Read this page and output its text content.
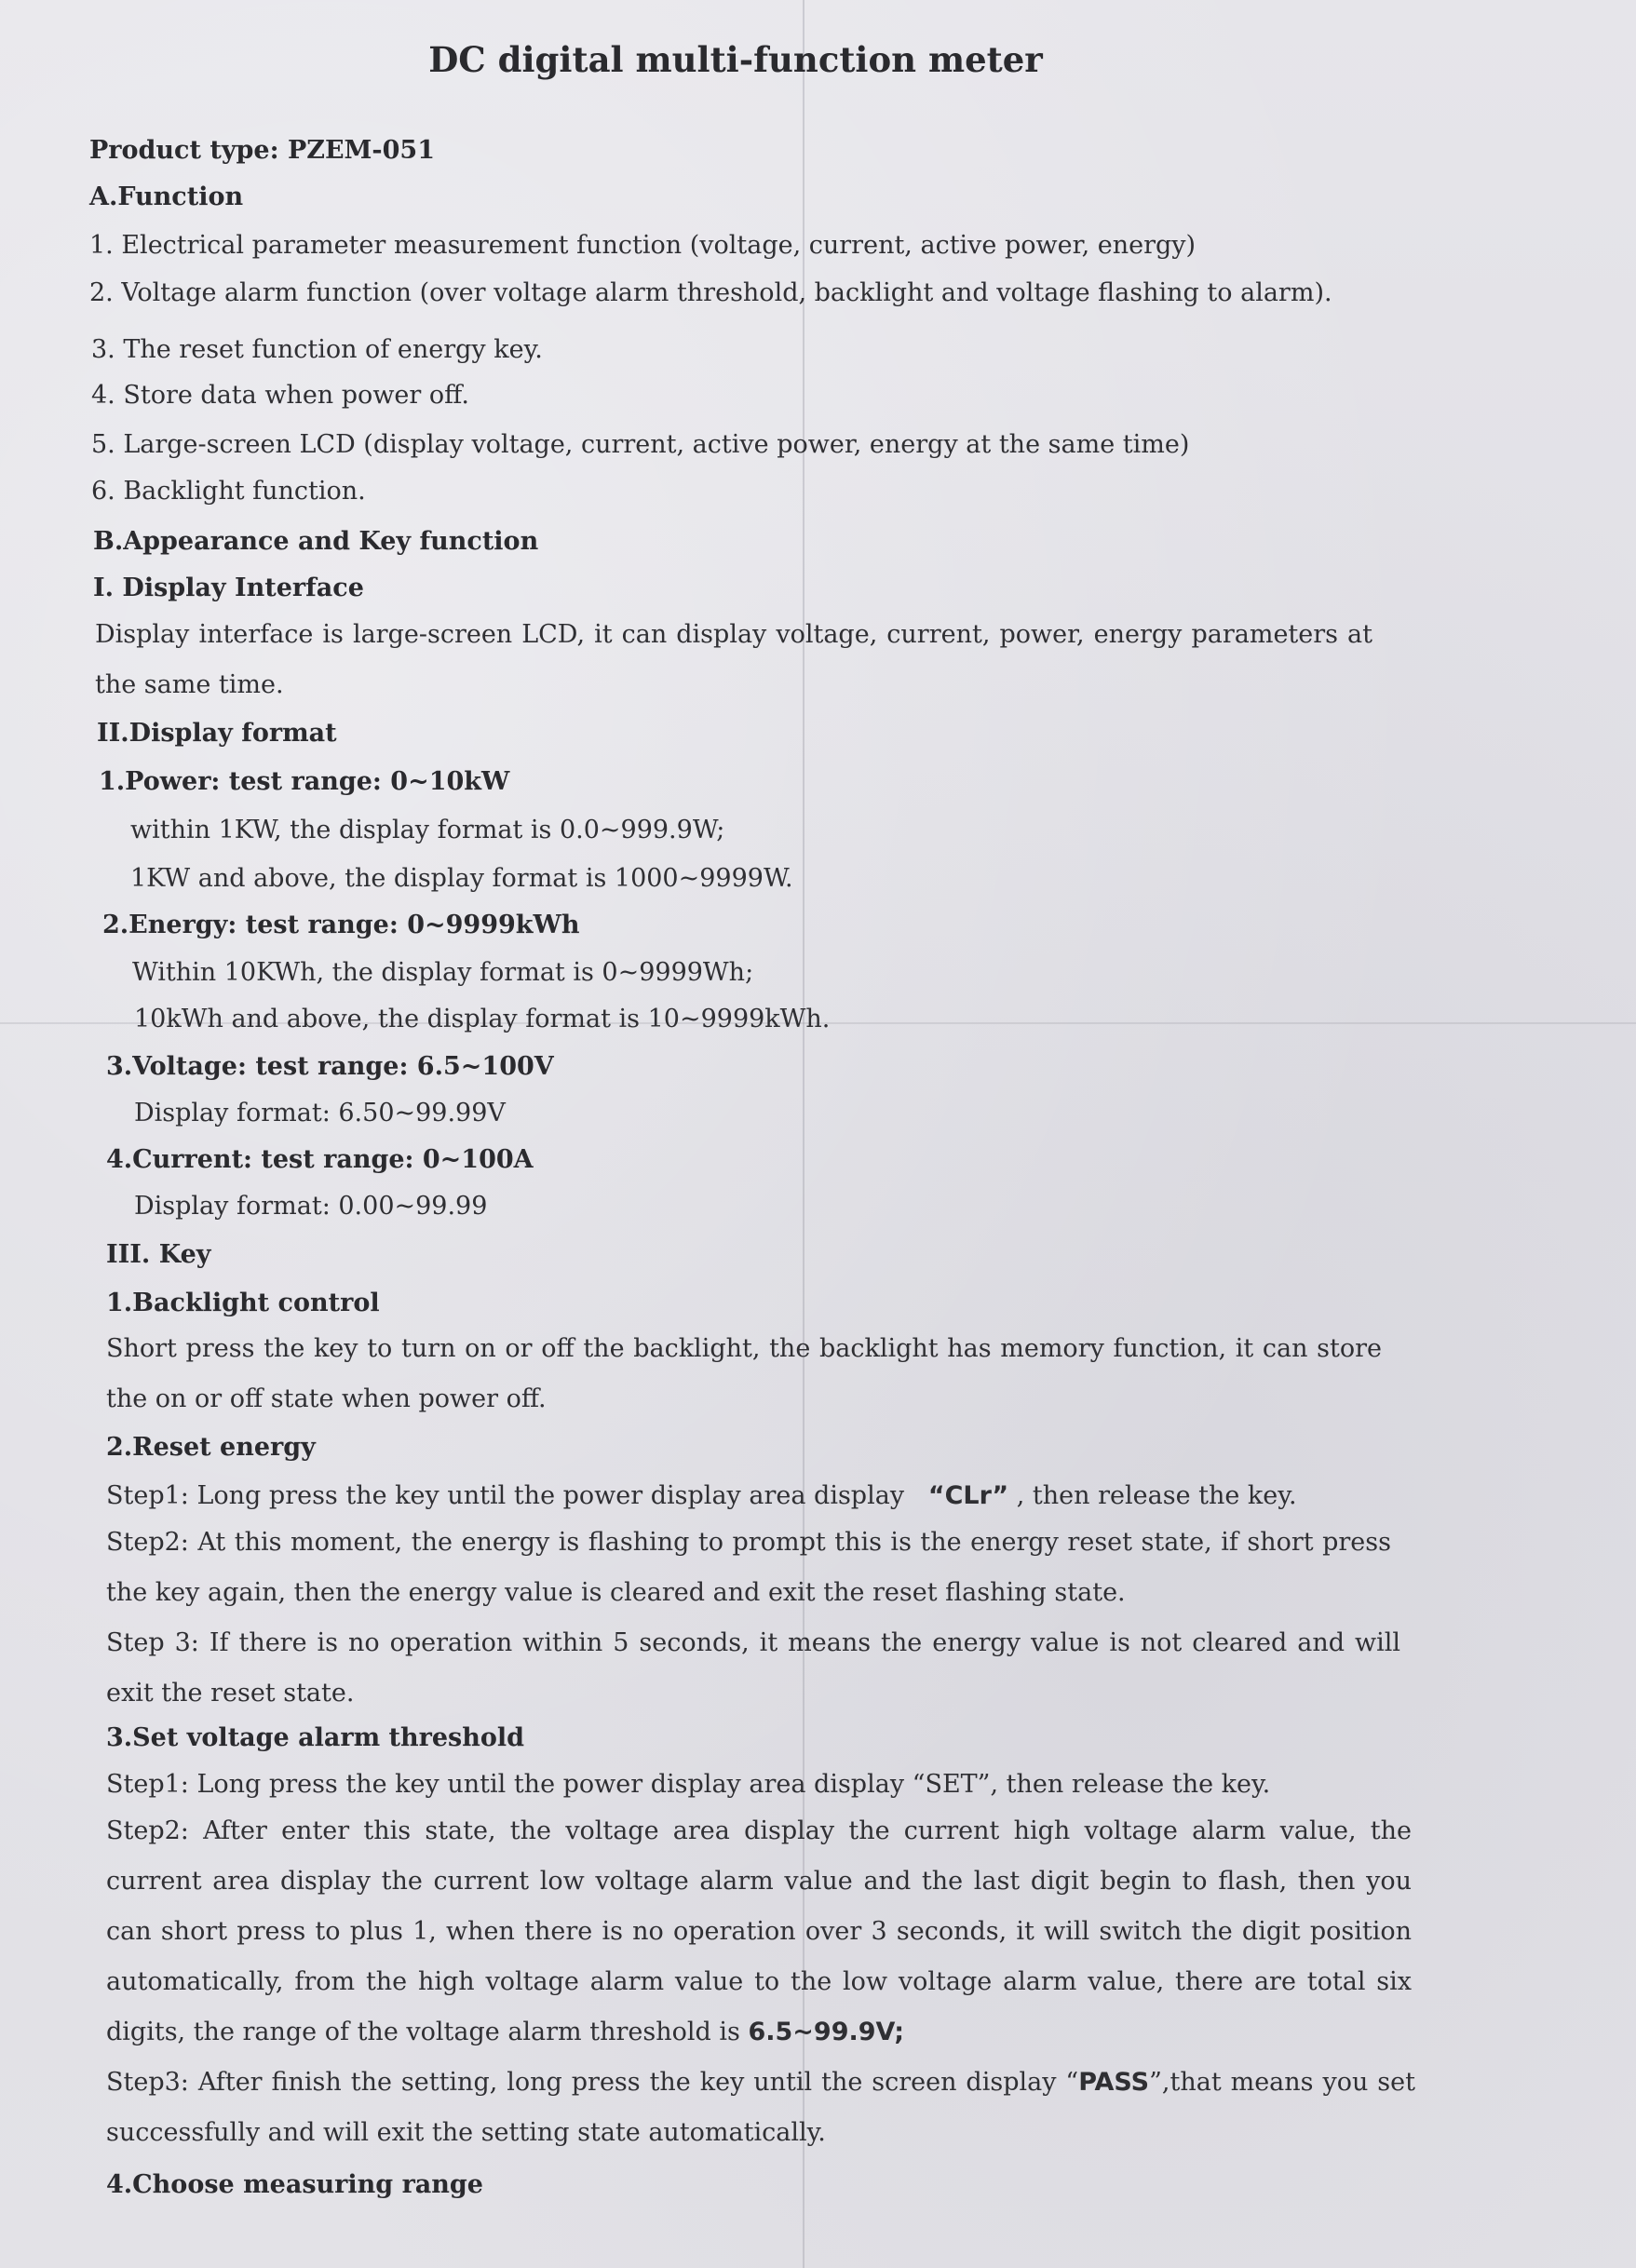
DC digital multi-function meter
Product type: PZEM-051
A.Function
1. Electrical parameter measurement function (voltage, current, active power, energy)
2. Voltage alarm function (over voltage alarm threshold, backlight and voltage flashing to alarm).
3. The reset function of energy key.
4. Store data when power off.
5. Large-screen LCD (display voltage, current, active power, energy at the same time)
6. Backlight function.
B.Appearance and Key function
I. Display Interface
Display interface is large-screen LCD, it can display voltage, current, power, energy parameters at the same time.
II.Display format
1.Power: test range: 0~10kW
within 1KW, the display format is 0.0~999.9W;
1KW and above, the display format is 1000~9999W.
2.Energy: test range: 0~9999kWh
Within 10KWh, the display format is 0~9999Wh;
10kWh and above, the display format is 10~9999kWh.
3.Voltage: test range: 6.5~100V
Display format: 6.50~99.99V
4.Current: test range: 0~100A
Display format: 0.00~99.99
III. Key
1.Backlight control
Short press the key to turn on or off the backlight, the backlight has memory function, it can store the on or off state when power off.
2.Reset energy
Step1: Long press the key until the power display area display “CLr” , then release the key.
Step2: At this moment, the energy is flashing to prompt this is the energy reset state, if short press the key again, then the energy value is cleared and exit the reset flashing state.
Step 3: If there is no operation within 5 seconds, it means the energy value is not cleared and will exit the reset state.
3.Set voltage alarm threshold
Step1: Long press the key until the power display area display “SET”, then release the key.
Step2: After enter this state, the voltage area display the current high voltage alarm value, the current area display the current low voltage alarm value and the last digit begin to flash, then you can short press to plus 1, when there is no operation over 3 seconds, it will switch the digit position automatically, from the high voltage alarm value to the low voltage alarm value, there are total six digits, the range of the voltage alarm threshold is 6.5~99.9V;
Step3: After finish the setting, long press the key until the screen display “PASS”,that means you set successfully and will exit the setting state automatically.
4.Choose measuring range
